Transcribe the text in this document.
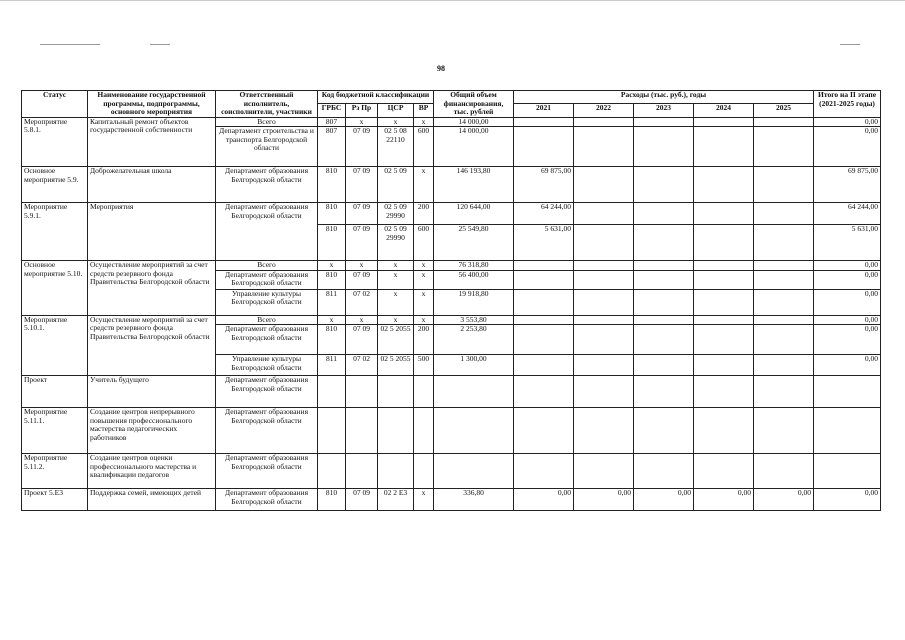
98
Статус	Наименование государственной программы, подпрограммы, основного мероприятия	Ответственный исполнитель, соисполнители, участники	Код бюджетной классификации				Общий объем финансирования, тыс. рублей	Расходы (тыс. руб.), годы					Итого на II этапе (2021-2025 годы)
			ГРБС	Рз Пр	ЦСР	ВР		2021	2022	2023	2024	2025	
Мероприятие 5.8.1.	Капитальный ремонт объектов государственной собственности	Всего	807	х	х	х	14 000,00						0,00
		Департамент строительства и транспорта Белгородской области	807	07 09	02 5 08 22110	600	14 000,00						0,00
Основное мероприятие 5.9.	Доброжелательная школа	Департамент образования Белгородской области	810	07 09	02 5 09	х	146 193,80	69 875,00					69 875,00
Мероприятие 5.9.1.	Мероприятия	Департамент образования Белгородской области	810	07 09	02 5 09 29990	200	120 644,00	64 244,00					64 244,00
			810	07 09	02 5 09 29990	600	25 549,80	5 631,00					5 631,00
Основное мероприятие 5.10.	Осуществление мероприятий за счет средств резервного фонда Правительства Белгородской области	Всего	х	х	х	х	76 318,80						0,00
		Департамент образования Белгородской области	810	07 09	х	х	56 400,00						0,00
		Управление культуры Белгородской области	811	07 02	х	х	19 918,80						0,00
Мероприятие 5.10.1.	Осуществление мероприятий за счет средств резервного фонда Правительства Белгородской области	Всего	х	х	х	х	3 553,80						0,00
		Департамент образования Белгородской области	810	07 09	02 5 2055	200	2 253,80						0,00
		Управление культуры Белгородской области	811	07 02	02 5 2055	500	1 300,00						0,00
Проект	Учитель будущего	Департамент образования Белгородской области											
Мероприятие 5.11.1.	Создание центров непрерывного повышения профессионального мастерства педагогических работников	Департамент образования Белгородской области											
Мероприятие 5.11.2.	Создание центров оценки профессионального мастерства и квалификации педагогов	Департамент образования Белгородской области											
Проект 5.Е3	Поддержка семей, имеющих детей	Департамент образования Белгородской области	810	07 09	02 2 Е3	х	336,80	0,00	0,00	0,00	0,00	0,00	0,00
